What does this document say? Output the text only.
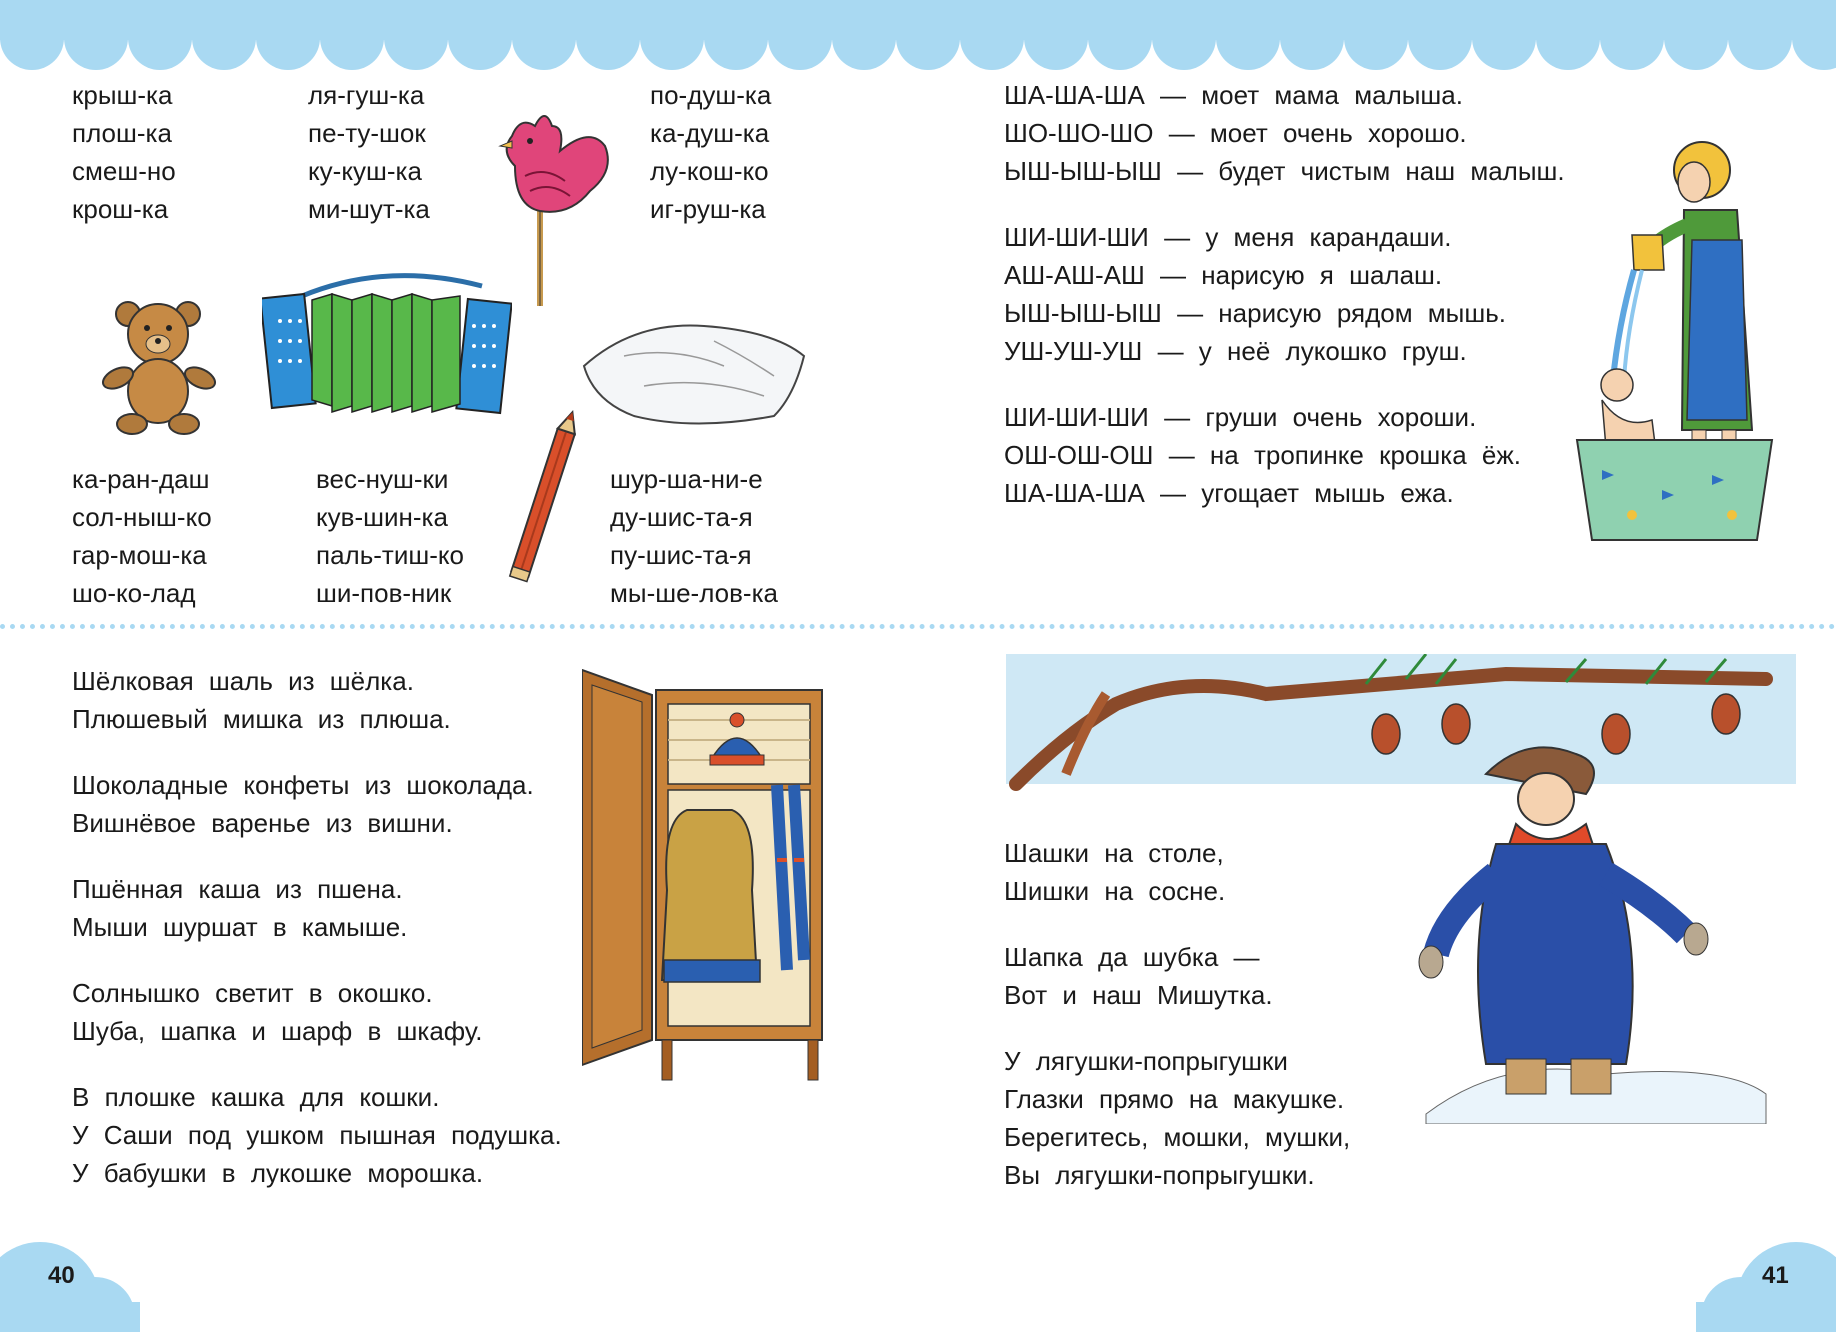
40	41
крыш-ка
плош-ка
смеш-но
крош-ка
ля-гуш-ка
пе-ту-шок
ку-куш-ка
ми-шут-ка
по-душ-ка
ка-душ-ка
лу-кош-ко
иг-руш-ка
ка-ран-даш
сол-ныш-ко
гар-мош-ка
шо-ко-лад
вес-нуш-ки
кув-шин-ка
паль-тиш-ко
ши-пов-ник
шур-ша-ни-е
ду-шис-та-я
пу-шис-та-я
мы-ше-лов-ка
ША-ША-ША — моет мама малыша.
ШО-ШО-ШО — моет очень хорошо.
ЫШ-ЫШ-ЫШ — будет чистым наш малыш.
ШИ-ШИ-ШИ — у меня карандаши.
АШ-АШ-АШ — нарисую я шалаш.
ЫШ-ЫШ-ЫШ — нарисую рядом мышь.
УШ-УШ-УШ — у неё лукошко груш.
ШИ-ШИ-ШИ — груши очень хороши.
ОШ-ОШ-ОШ — на тропинке крошка ёж.
ША-ША-ША — угощает мышь ежа.
Шёлковая шаль из шёлка.
Плюшевый мишка из плюша.
Шоколадные конфеты из шоколада.
Вишнёвое варенье из вишни.
Пшённая каша из пшена.
Мыши шуршат в камыше.
Солнышко светит в окошко.
Шуба, шапка и шарф в шкафу.
В плошке кашка для кошки.
У Саши под ушком пышная подушка.
У бабушки в лукошке морошка.
Шашки на столе,
Шишки на сосне.
Шапка да шубка —
Вот и наш Мишутка.
У лягушки-попрыгушки
Глазки прямо на макушке.
Берегитесь, мошки, мушки,
Вы лягушки-попрыгушки.
